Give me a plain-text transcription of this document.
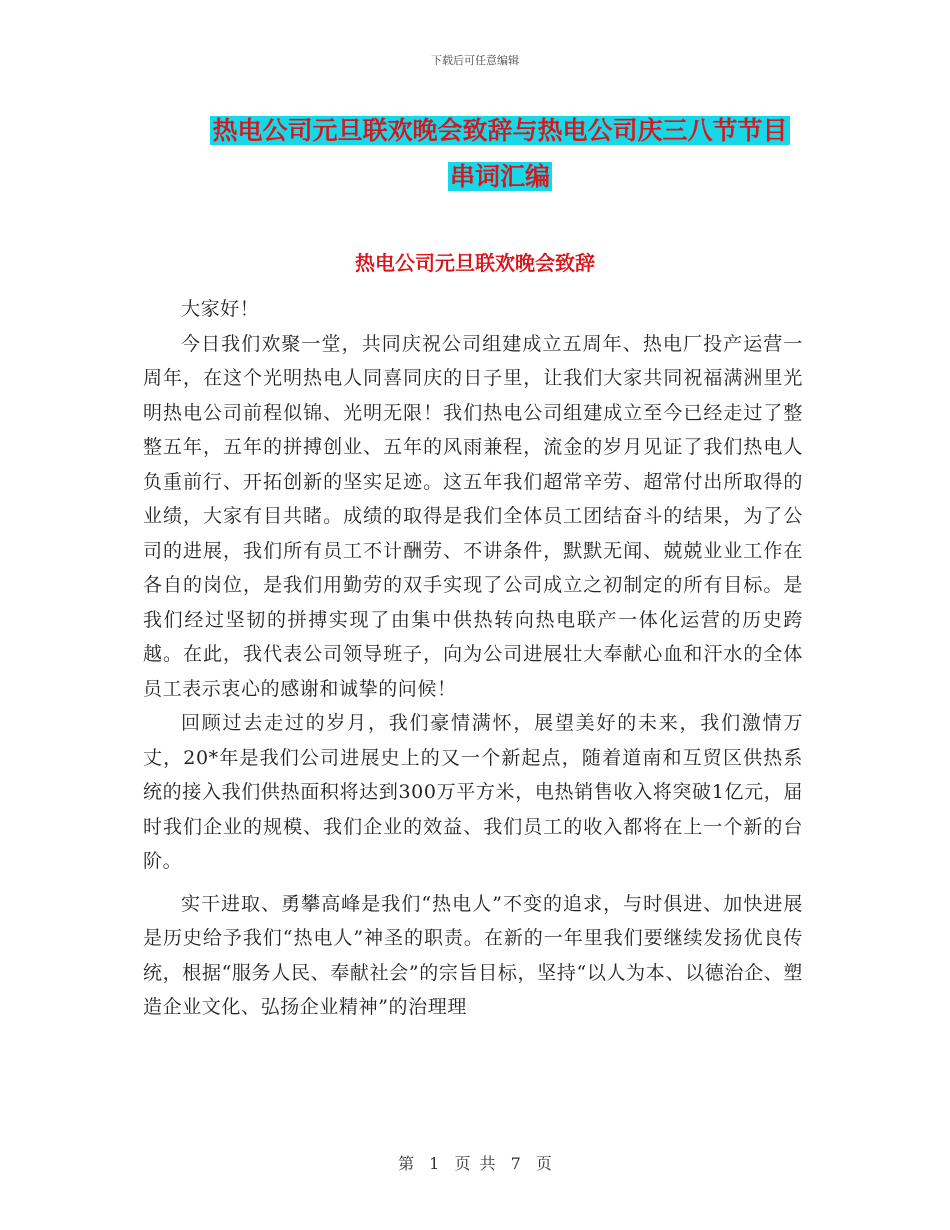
下载后可任意编辑
热电公司元旦联欢晚会致辞与热电公司庆三八节节目
串词汇编
热电公司元旦联欢晚会致辞

大家好！

今日我们欢聚一堂，共同庆祝公司组建成立五周年、热电厂投产运营一周年，在这个光明热电人同喜同庆的日子里，让我们大家共同祝福满洲里光明热电公司前程似锦、光明无限！我们热电公司组建成立至今已经走过了整整五年，五年的拼搏创业、五年的风雨兼程，流金的岁月见证了我们热电人负重前行、开拓创新的坚实足迹。这五年我们超常辛劳、超常付出所取得的业绩，大家有目共睹。成绩的取得是我们全体员工团结奋斗的结果，为了公司的进展，我们所有员工不计酬劳、不讲条件，默默无闻、兢兢业业工作在各自的岗位，是我们用勤劳的双手实现了公司成立之初制定的所有目标。是我们经过坚韧的拼搏实现了由集中供热转向热电联产一体化运营的历史跨越。在此，我代表公司领导班子，向为公司进展壮大奉献心血和汗水的全体员工表示衷心的感谢和诚挚的问候！

回顾过去走过的岁月，我们豪情满怀，展望美好的未来，我们激情万丈，20*年是我们公司进展史上的又一个新起点，随着道南和互贸区供热系统的接入我们供热面积将达到300万平方米，电热销售收入将突破1亿元，届时我们企业的规模、我们企业的效益、我们员工的收入都将在上一个新的台阶。

实干进取、勇攀高峰是我们“热电人”不变的追求，与时俱进、加快进展是历史给予我们“热电人”神圣的职责。在新的一年里我们要继续发扬优良传统，根据“服务人民、奉献社会”的宗旨目标，坚持“以人为本、以德治企、塑造企业文化、弘扬企业精神”的治理理

第 1 页 共 7 页
